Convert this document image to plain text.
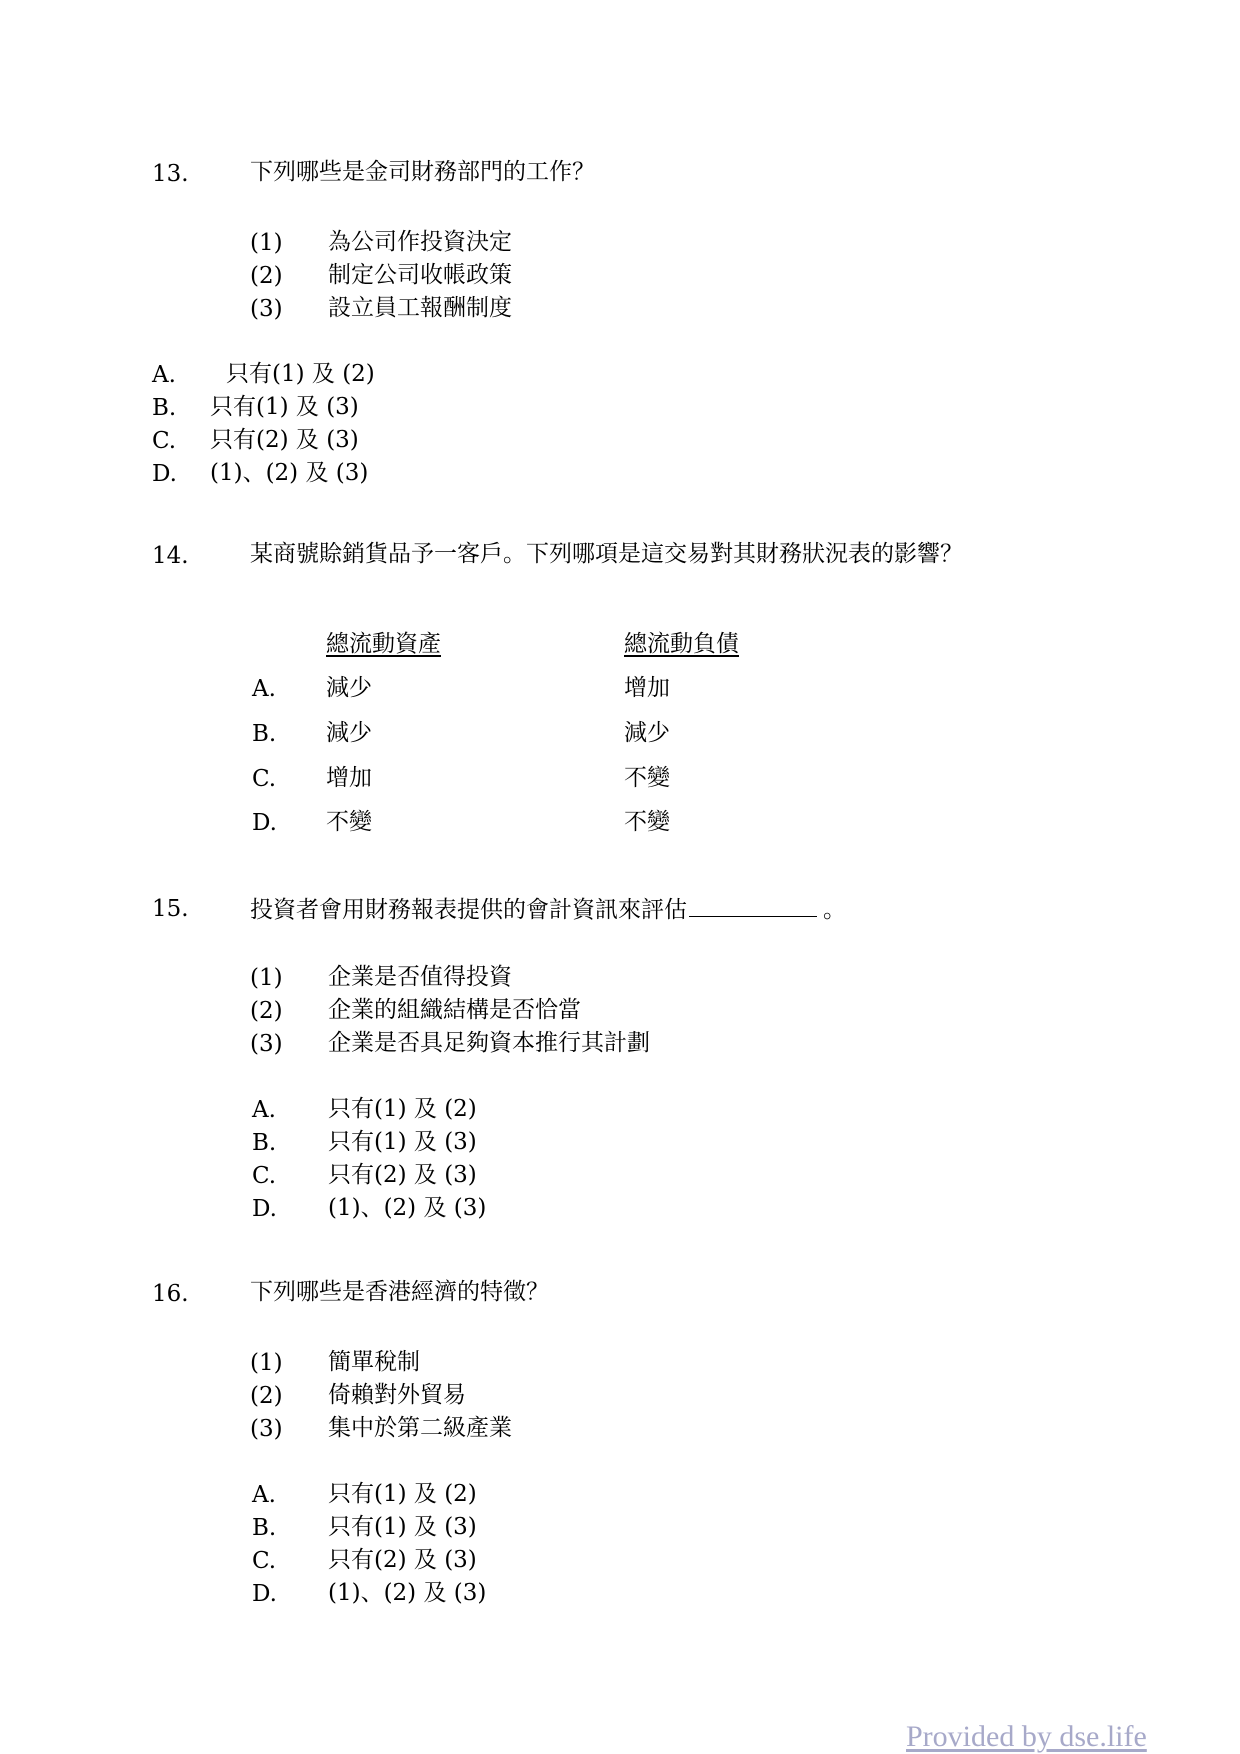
13.	下列哪些是金司財務部門的工作？
(1) 為公司作投資決定
(2) 制定公司收帳政策
(3) 設立員工報酬制度
A. 只有(1) 及 (2)
B. 只有(1) 及 (3)
C. 只有(2) 及 (3)
D. (1)、(2) 及 (3)
14.	某商號賒銷貨品予一客戶。下列哪項是這交易對其財務狀況表的影響？
總流動資產	總流動負債
A. 減少	增加
B. 減少	減少
C. 增加	不變
D. 不變	不變
15.	投資者會用財務報表提供的會計資訊來評估	。
(1) 企業是否值得投資
(2) 企業的組織結構是否恰當
(3) 企業是否具足夠資本推行其計劃
A. 只有(1) 及 (2)
B. 只有(1) 及 (3)
C. 只有(2) 及 (3)
D. (1)、(2) 及 (3)
16.	下列哪些是香港經濟的特徵？
(1) 簡單稅制
(2) 倚賴對外貿易
(3) 集中於第二級產業
A. 只有(1) 及 (2)
B. 只有(1) 及 (3)
C. 只有(2) 及 (3)
D. (1)、(2) 及 (3)
Provided by dse.life
